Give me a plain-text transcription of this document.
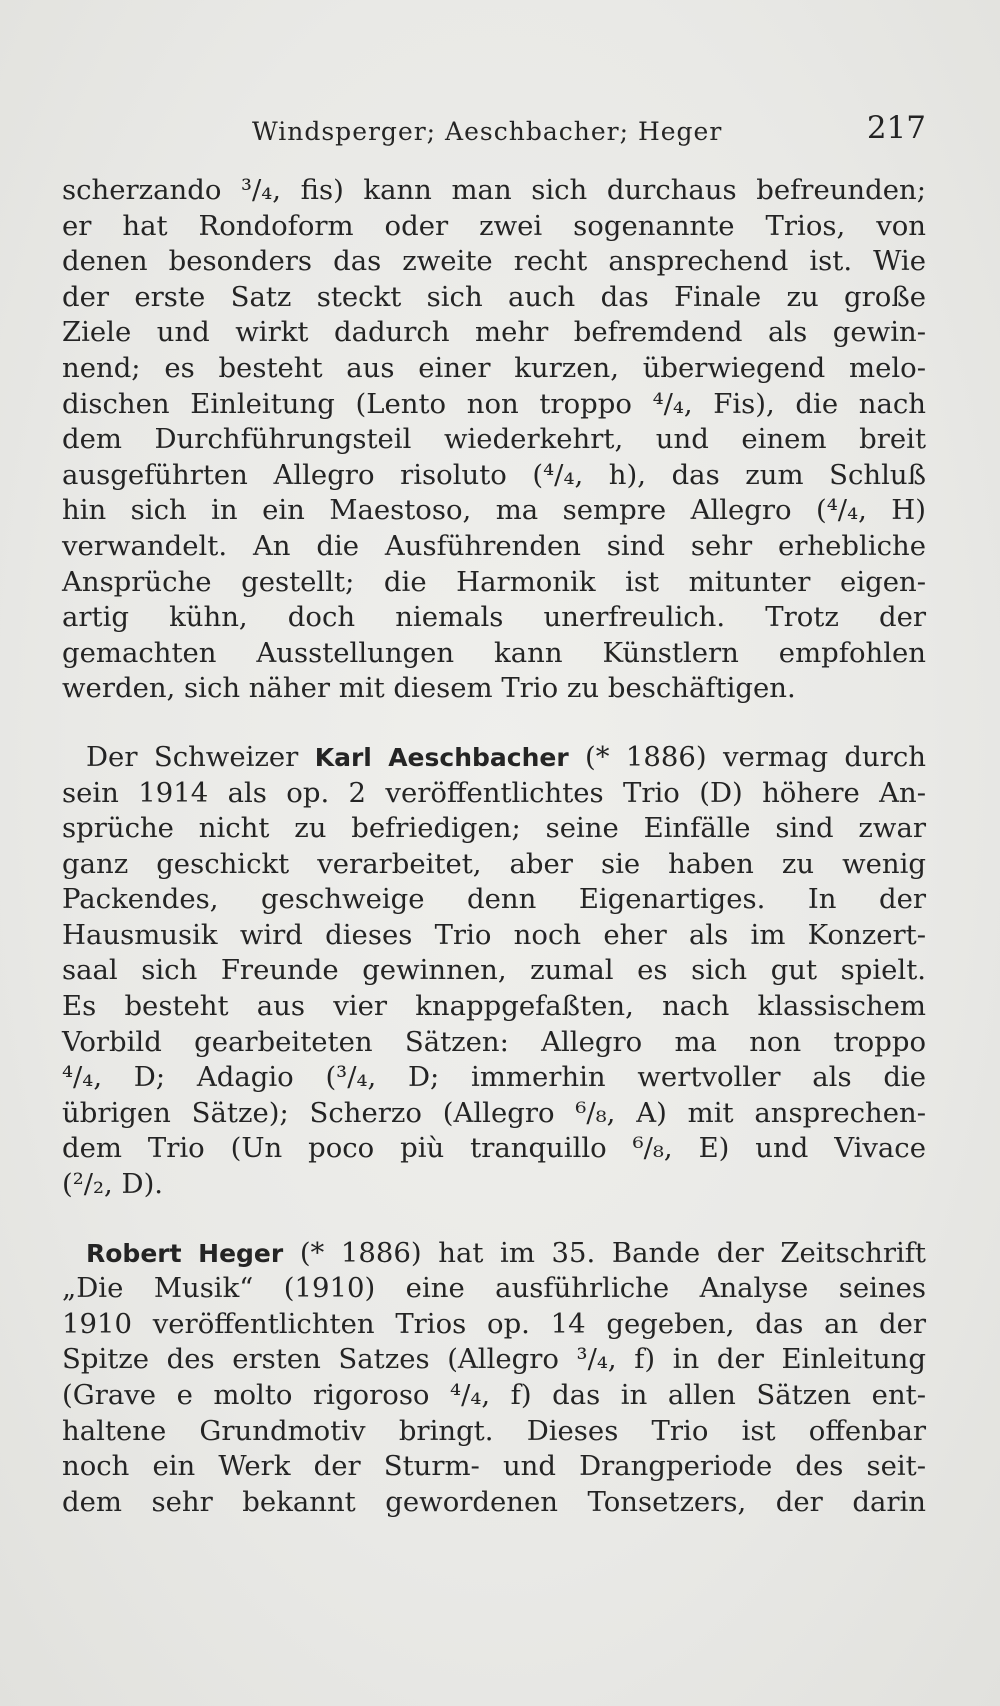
Windsperger; Aeschbacher; Heger	217
scherzando ³/₄, fis) kann man sich durchaus befreunden;
er hat Rondoform oder zwei sogenannte Trios, von
denen besonders das zweite recht ansprechend ist. Wie
der erste Satz steckt sich auch das Finale zu große
Ziele und wirkt dadurch mehr befremdend als gewin-
nend; es besteht aus einer kurzen, überwiegend melo-
dischen Einleitung (Lento non troppo ⁴/₄, Fis), die nach
dem Durchführungsteil wiederkehrt, und einem breit
ausgeführten Allegro risoluto (⁴/₄, h), das zum Schluß
hin sich in ein Maestoso, ma sempre Allegro (⁴/₄, H)
verwandelt. An die Ausführenden sind sehr erhebliche
Ansprüche gestellt; die Harmonik ist mitunter eigen-
artig kühn, doch niemals unerfreulich. Trotz der
gemachten Ausstellungen kann Künstlern empfohlen
werden, sich näher mit diesem Trio zu beschäftigen.
Der Schweizer Karl Aeschbacher (* 1886) vermag durch
sein 1914 als op. 2 veröffentlichtes Trio (D) höhere An-
sprüche nicht zu befriedigen; seine Einfälle sind zwar
ganz geschickt verarbeitet, aber sie haben zu wenig
Packendes, geschweige denn Eigenartiges. In der
Hausmusik wird dieses Trio noch eher als im Konzert-
saal sich Freunde gewinnen, zumal es sich gut spielt.
Es besteht aus vier knappgefaßten, nach klassischem
Vorbild gearbeiteten Sätzen: Allegro ma non troppo
⁴/₄, D; Adagio (³/₄, D; immerhin wertvoller als die
übrigen Sätze); Scherzo (Allegro ⁶/₈, A) mit ansprechen-
dem Trio (Un poco più tranquillo ⁶/₈, E) und Vivace
(²/₂, D).
Robert Heger (* 1886) hat im 35. Bande der Zeitschrift
„Die Musik“ (1910) eine ausführliche Analyse seines
1910 veröffentlichten Trios op. 14 gegeben, das an der
Spitze des ersten Satzes (Allegro ³/₄, f) in der Einleitung
(Grave e molto rigoroso ⁴/₄, f) das in allen Sätzen ent-
haltene Grundmotiv bringt. Dieses Trio ist offenbar
noch ein Werk der Sturm- und Drangperiode des seit-
dem sehr bekannt gewordenen Tonsetzers, der darin
